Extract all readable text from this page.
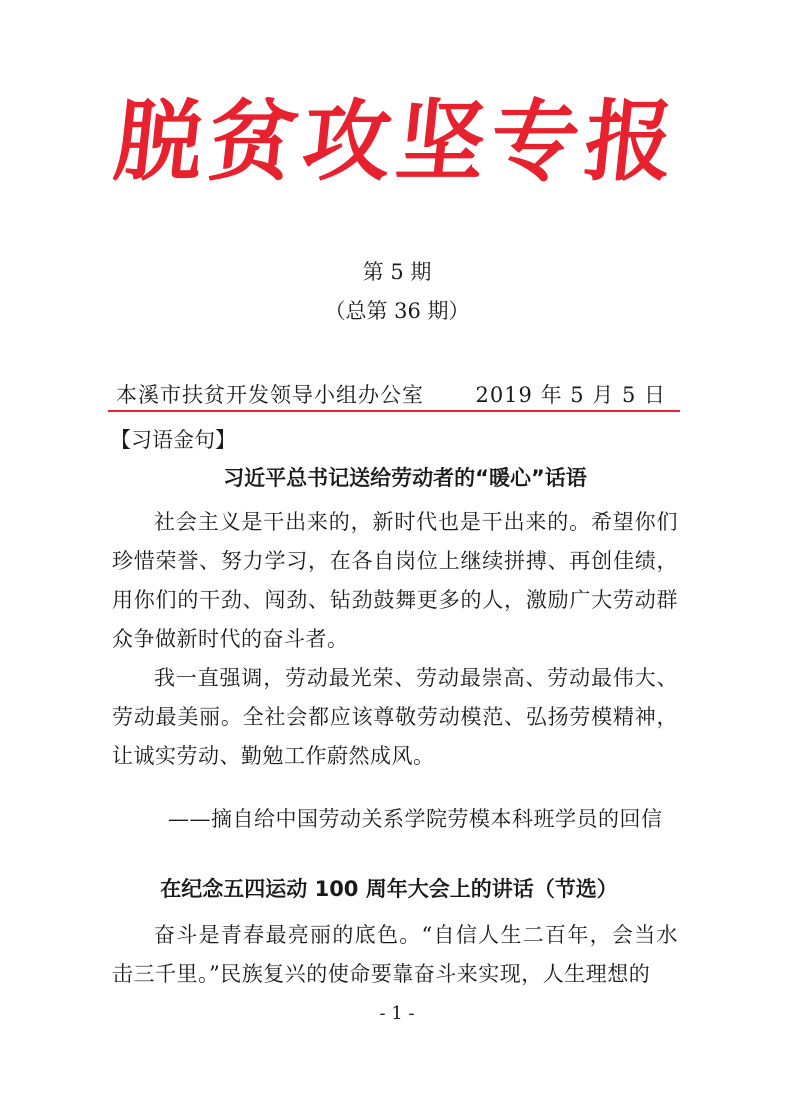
脱贫攻坚专报
第 5 期
（总第 36 期）
本溪市扶贫开发领导小组办公室 2019 年 5 月 5 日
【习语金句】
习近平总书记送给劳动者的“暖心”话语

社会主义是干出来的，新时代也是干出来的。希望你们珍惜荣誉、努力学习，在各自岗位上继续拼搏、再创佳绩，用你们的干劲、闯劲、钻劲鼓舞更多的人，激励广大劳动群众争做新时代的奋斗者。

我一直强调，劳动最光荣、劳动最崇高、劳动最伟大、劳动最美丽。全社会都应该尊敬劳动模范、弘扬劳模精神，让诚实劳动、勤勉工作蔚然成风。

——摘自给中国劳动关系学院劳模本科班学员的回信
在纪念五四运动 100 周年大会上的讲话（节选）

奋斗是青春最亮丽的底色。“自信人生二百年，会当水击三千里。”民族复兴的使命要靠奋斗来实现，人生理想的

- 1 -
